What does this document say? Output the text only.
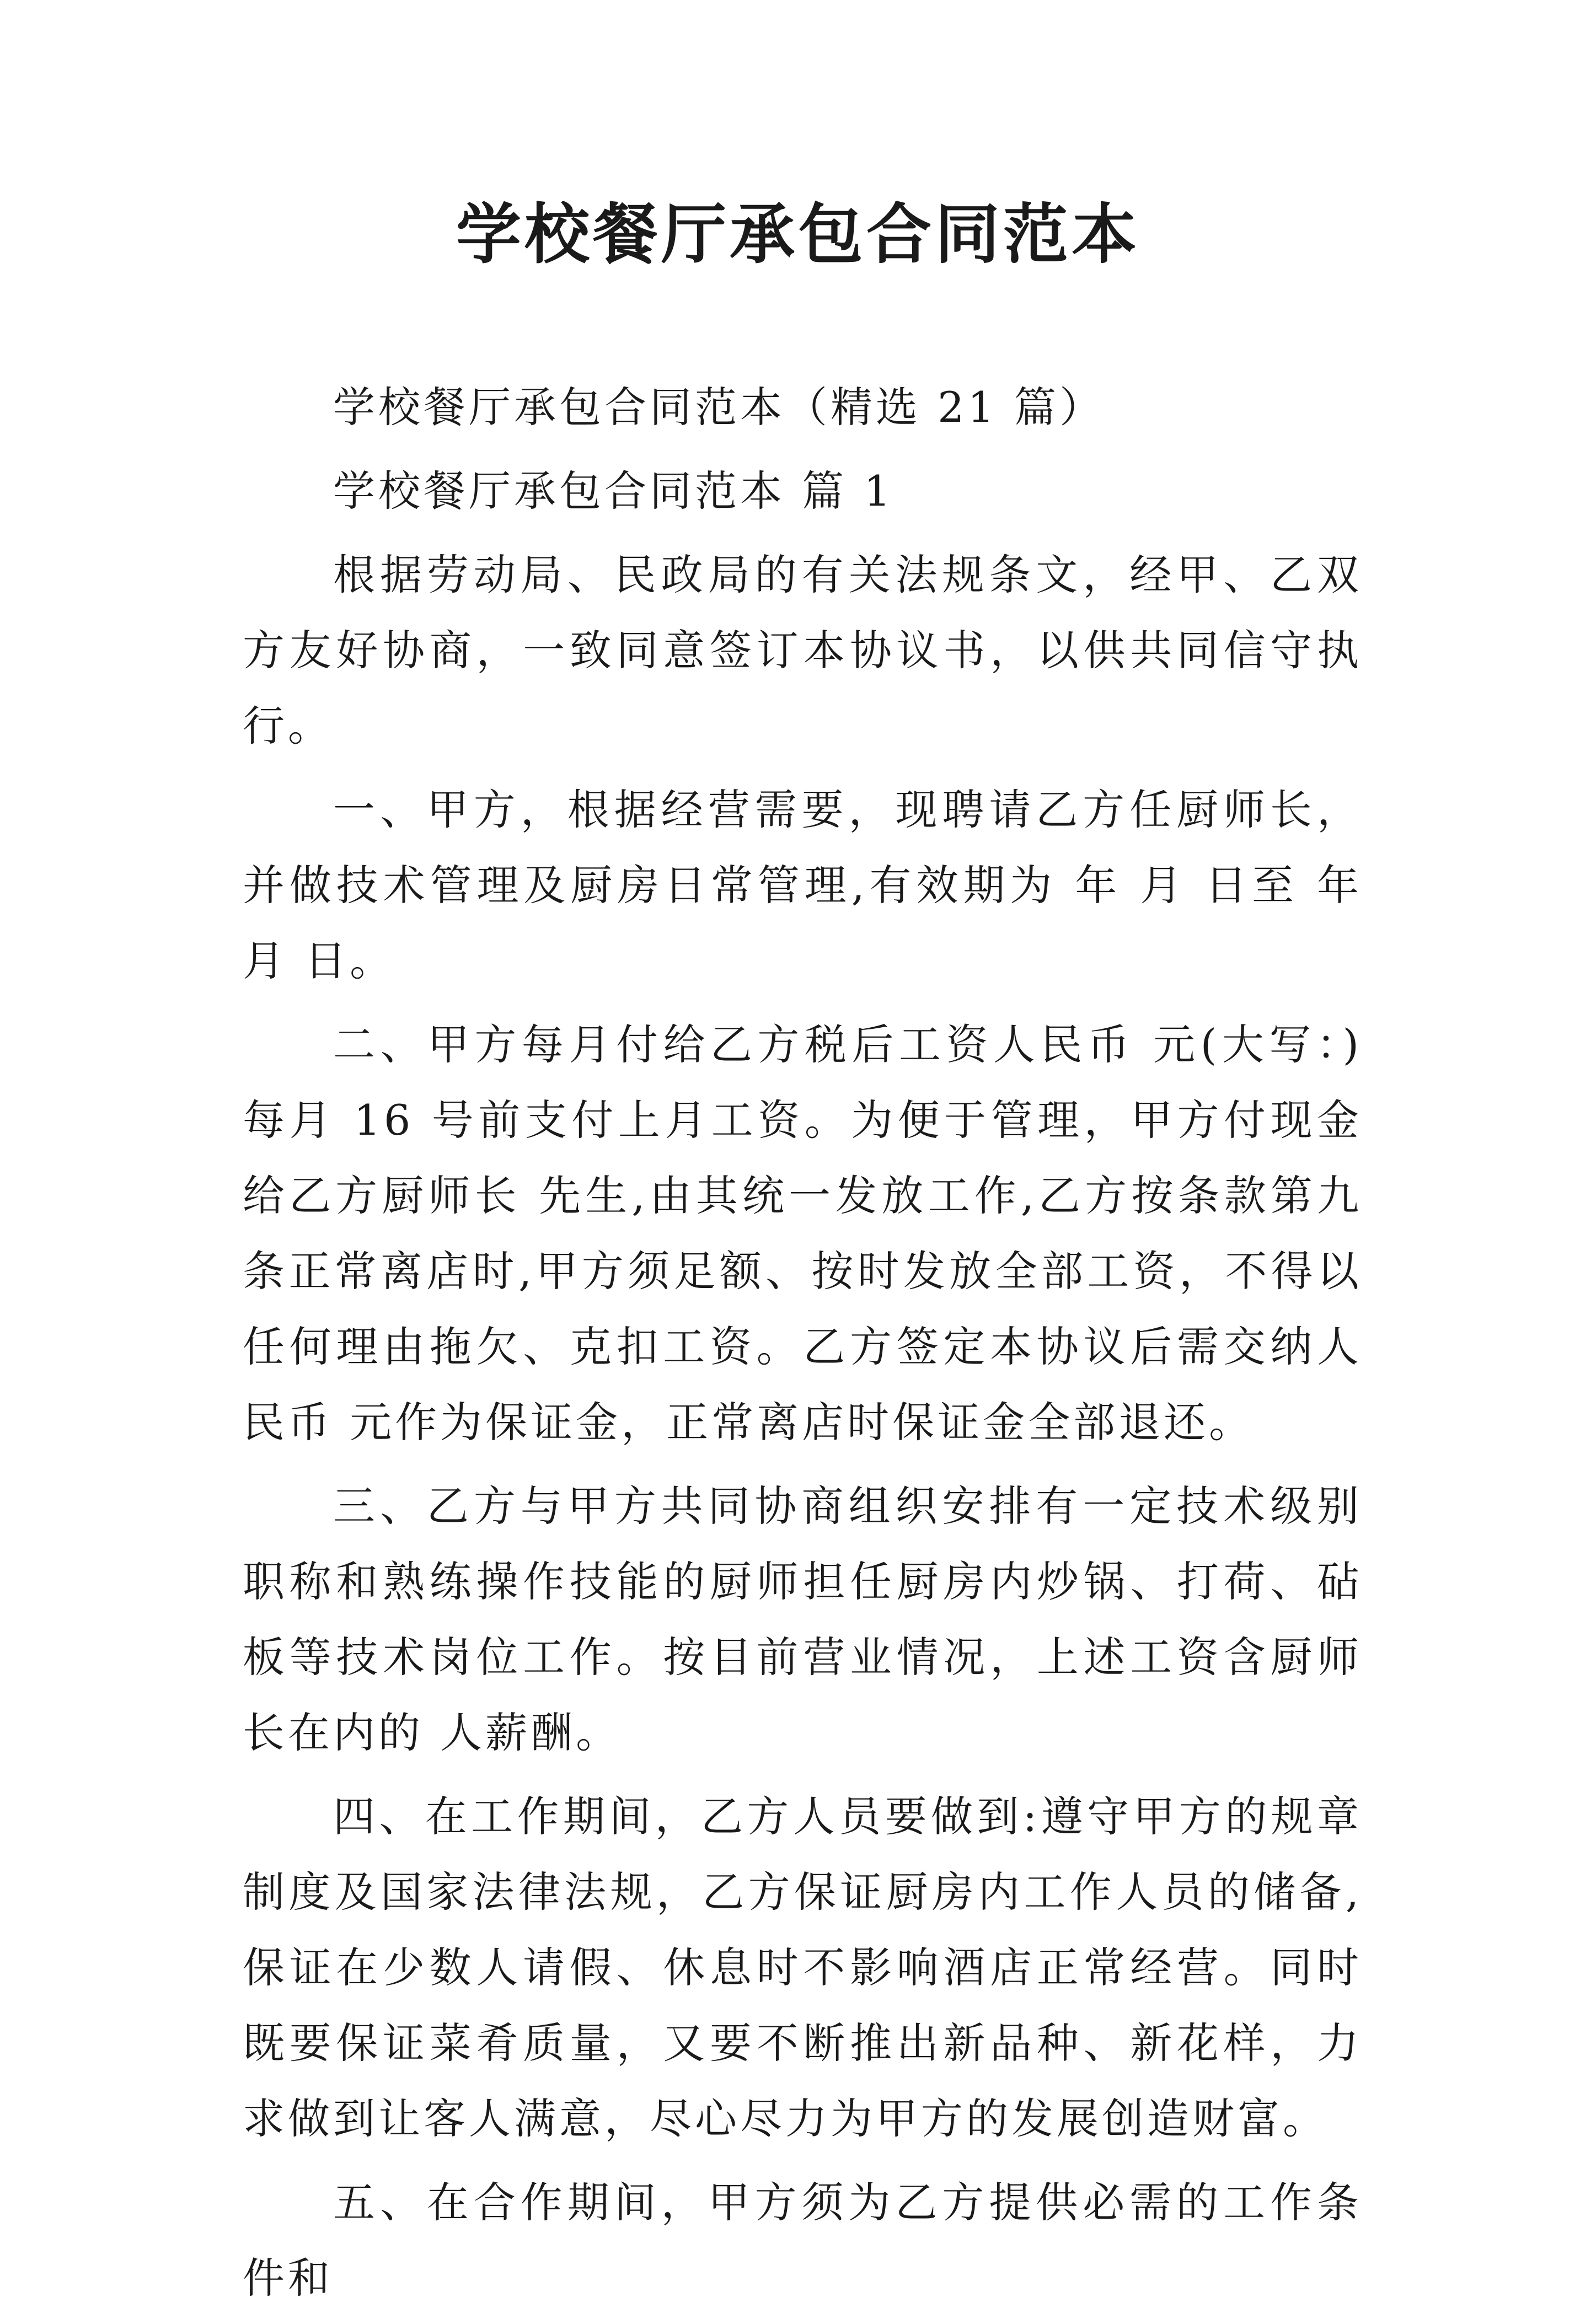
学校餐厅承包合同范本

学校餐厅承包合同范本（精选 21 篇）

学校餐厅承包合同范本 篇 1

根据劳动局、民政局的有关法规条文，经甲、乙双方友好协商，一致同意签订本协议书，以供共同信守执行。

一、甲方，根据经营需要，现聘请乙方任厨师长，并做技术管理及厨房日常管理,有效期为 年 月 日至 年 月 日。

二、甲方每月付给乙方税后工资人民币 元(大写：) 每月 16 号前支付上月工资。为便于管理，甲方付现金给乙方厨师长 先生,由其统一发放工作,乙方按条款第九条正常离店时,甲方须足额、按时发放全部工资，不得以任何理由拖欠、克扣工资。乙方签定本协议后需交纳人民币 元作为保证金，正常离店时保证金全部退还。

三、乙方与甲方共同协商组织安排有一定技术级别职称和熟练操作技能的厨师担任厨房内炒锅、打荷、砧板等技术岗位工作。按目前营业情况，上述工资含厨师长在内的 人薪酬。

四、在工作期间，乙方人员要做到:遵守甲方的规章制度及国家法律法规，乙方保证厨房内工作人员的储备,保证在少数人请假、休息时不影响酒店正常经营。同时既要保证菜肴质量，又要不断推出新品种、新花样，力求做到让客人满意，尽心尽力为甲方的发展创造财富。

五、在合作期间，甲方须为乙方提供必需的工作条件和
